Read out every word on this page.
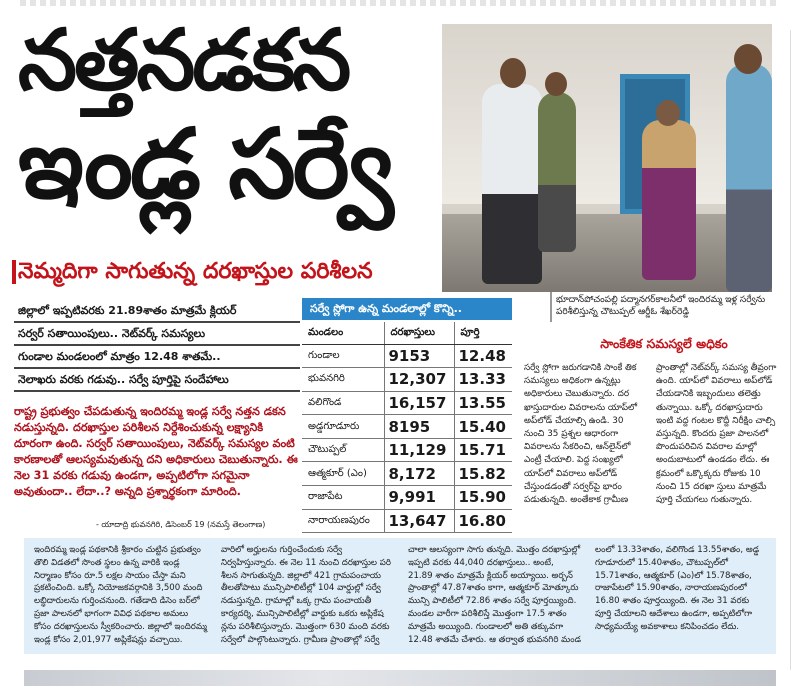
నత్తనడకన
ఇండ్ల సర్వే
భూదాన్‌పోచంపల్లి పద్మానగర్‌కాలనీలో ఇందిరమ్మ ఇళ్ల సర్వేను పరిశీలిస్తున్న చౌటుప్పల్ ఆర్డీఓ శేఖర్‌రెడ్డి
నెమ్మదిగా సాగుతున్న దరఖాస్తుల పరిశీలన
జిల్లాలో ఇప్పటివరకు 21.89శాతం మాత్రమే క్లియర్
సర్వర్ సతాయింపులు.. నెట్‌వర్క్ సమస్యలు
గుండాల మండలంలో మాత్రం 12.48 శాతమే..
నెలాఖరు వరకు గడువు.. సర్వే పూర్తిపై సందేహాలు
రాష్ట్ర ప్రభుత్వం చేపడుతున్న ఇందిరమ్మ ఇండ్ల సర్వే నత్తన డకన నడుస్తున్నది. దరఖాస్తుల పరిశీలన నిర్దేశించుకున్న లక్ష్యానికి దూరంగా ఉంది. సర్వర్ సతాయింపులు, నెట్‌వర్క్ సమస్యల వంటి కారణాలతో ఆలస్యమవుతున్న దని అధికారులు చెబుతున్నారు. ఈ నెల 31 వరకు గడువు ఉండగా, అప్పటిలోగా సగమైనా అవుతుందా.. లేదా..? అన్నది ప్రశ్నార్థకంగా మారింది.
- యాదాద్రి భువనగిరి, డిసెంబర్ 19 (నమస్తే తెలంగాణ)
సర్వే స్లోగా ఉన్న మండలాల్లో కొన్ని..
మండలం	దరఖాస్తులు	పూర్తి
గుండాల	9153	12.48
భువనగిరి	12,307	13.33
వలిగొండ	16,157	13.55
అడ్డగూడూరు	8195	15.40
చౌటుప్పల్	11,129	15.71
ఆత్మకూర్ (ఎం)	8,172	15.82
రాజాపేట	9,991	15.90
నారాయణపురం	13,647	16.80
సాంకేతిక సమస్యలే అధికం
సర్వే స్లోగా జరుగడానికి సాంకే తిక సమస్యలు అధికంగా ఉన్నట్లు అధికారులు చెబుతున్నారు. దర ఖాస్తుదారుల వివరాలను యాప్‌లో అప్‌లోడ్ చేయాల్సి ఉండి. 30 నుంచి 35 ప్రశ్నల ఆధారంగా వివరాలను సేకరించి, ఆన్‌లైన్‌లో ఎంట్రీ చేయాలి. పెద్ద సంఖ్యలో యాప్‌లో వివరాలు అప్‌లోడ్ చేస్తుండడంతో సర్వర్‌పై భారం పడుతున్నది. అంతేకాక గ్రామీణ ప్రాంతాల్లో నెట్‌వర్క్ సమస్య తీవ్రంగా ఉంది. యాప్‌లో వివరాలు అప్‌లోడ్ చేయడానికి ఇబ్బందులు తలెత్తు తున్నాయి. ఒక్కో దరఖాస్తుదారు ఇంటి వద్ద గంటల కొద్దీ నిరీక్షిం చాల్సి వస్తున్నది. కొందరు ప్రజా పాలనలో పొందుపరిచిన వివరాల మాల్లో అందుబాటులో ఉండడం లేదు. ఈ క్రమంలో ఒక్కొక్కరు రోజుకు 10 నుంచి 15 దరఖా స్తులు మాత్రమే పూర్తి చేయగలు గుతున్నారు.
ఇందిరమ్మ ఇండ్ల పథకానికి శ్రీకారం చుట్టిన ప్రభుత్వం తొలి విడతలో సొంత స్థలం ఉన్న వారికి ఇండ్ల నిర్మాణం కోసం రూ.5 లక్షల సాయం చేస్తా మని ప్రకటించింది. ఒక్కో నియోజకవర్గానికి 3,500 మంది లబ్ధిదారులను గుర్తించనుంది. గతేడాది డిసెం బర్‌లో ప్రజా పాలనలో భాగంగా వివిధ పథకాల అమలు కోసం దరఖాస్తులను స్వీకరించారు. జిల్లాలో ఇందిరమ్మ ఇండ్ల కోసం 2,01,977 అప్లికేషన్లు వచ్చాయి. వారిలో అర్హులను గుర్తించేందుకు సర్వే నిర్వహిస్తున్నారు. ఈ నెల 11 నుంచి దరఖాస్తుల పరి శీలన సాగుతున్నది. జిల్లాలో 421 గ్రామపంచాయ తీలతోపాటు మున్సిపాలిటీల్లో 104 వార్డుల్లో సర్వే నడుస్తున్నది. గ్రామాల్లో ఒక్క గ్రామ పంచాయతీ కార్యదర్శి, మున్సిపాలిటీల్లో వార్డుకు ఒకరు అప్లికేష న్లను పరిశీలిస్తున్నారు. మొత్తంగా 630 మంది వరకు సర్వేలో పాల్గొంటున్నారు. గ్రామీణ ప్రాంతాల్లో సర్వే చాలా ఆలస్యంగా సాగు తున్నది. మొత్తం దరఖాస్తుల్లో ఇప్పటి వరకు 44,040 దరఖాస్తులు.. అంటే, 21.89 శాతం మాత్రమే క్లియర్ అయ్యాయి. అర్బన్ ప్రాంతాల్లో 47.87శాతం కాగా, ఆత్మకూర్ మోత్కూరు మున్సి పాలిటీలో 72.86 శాతం సర్వే పూర్తయ్యింది. మండల వారీగా పరిశీలిస్తే మొత్తంగా 17.5 శాతం మాత్రమే అయ్యింది. గుండాలలో అతి తక్కువగా 12.48 శాతమే చేశారు. ఆ తర్వాత భువనగిరి మండ లంలో 13.33శాతం, వలిగొండ 13.55శాతం, అడ్డ గూడూరులో 15.40శాతం, చౌటుప్పల్‌లో 15.71శాతం, ఆత్మకూర్ (ఎం)లో 15.78శాతం, రాజాపేటలో 15.90శాతం, నారాయణపురంలో 16.80 శాతం పూర్తయ్యింది. ఈ నెల 31 వరకు పూర్తి చేయాలని ఆదేశాలు ఉండగా, అప్పటిలోగా సాధ్యమయ్యే అవకాశాలు కనిపించడం లేదు.
